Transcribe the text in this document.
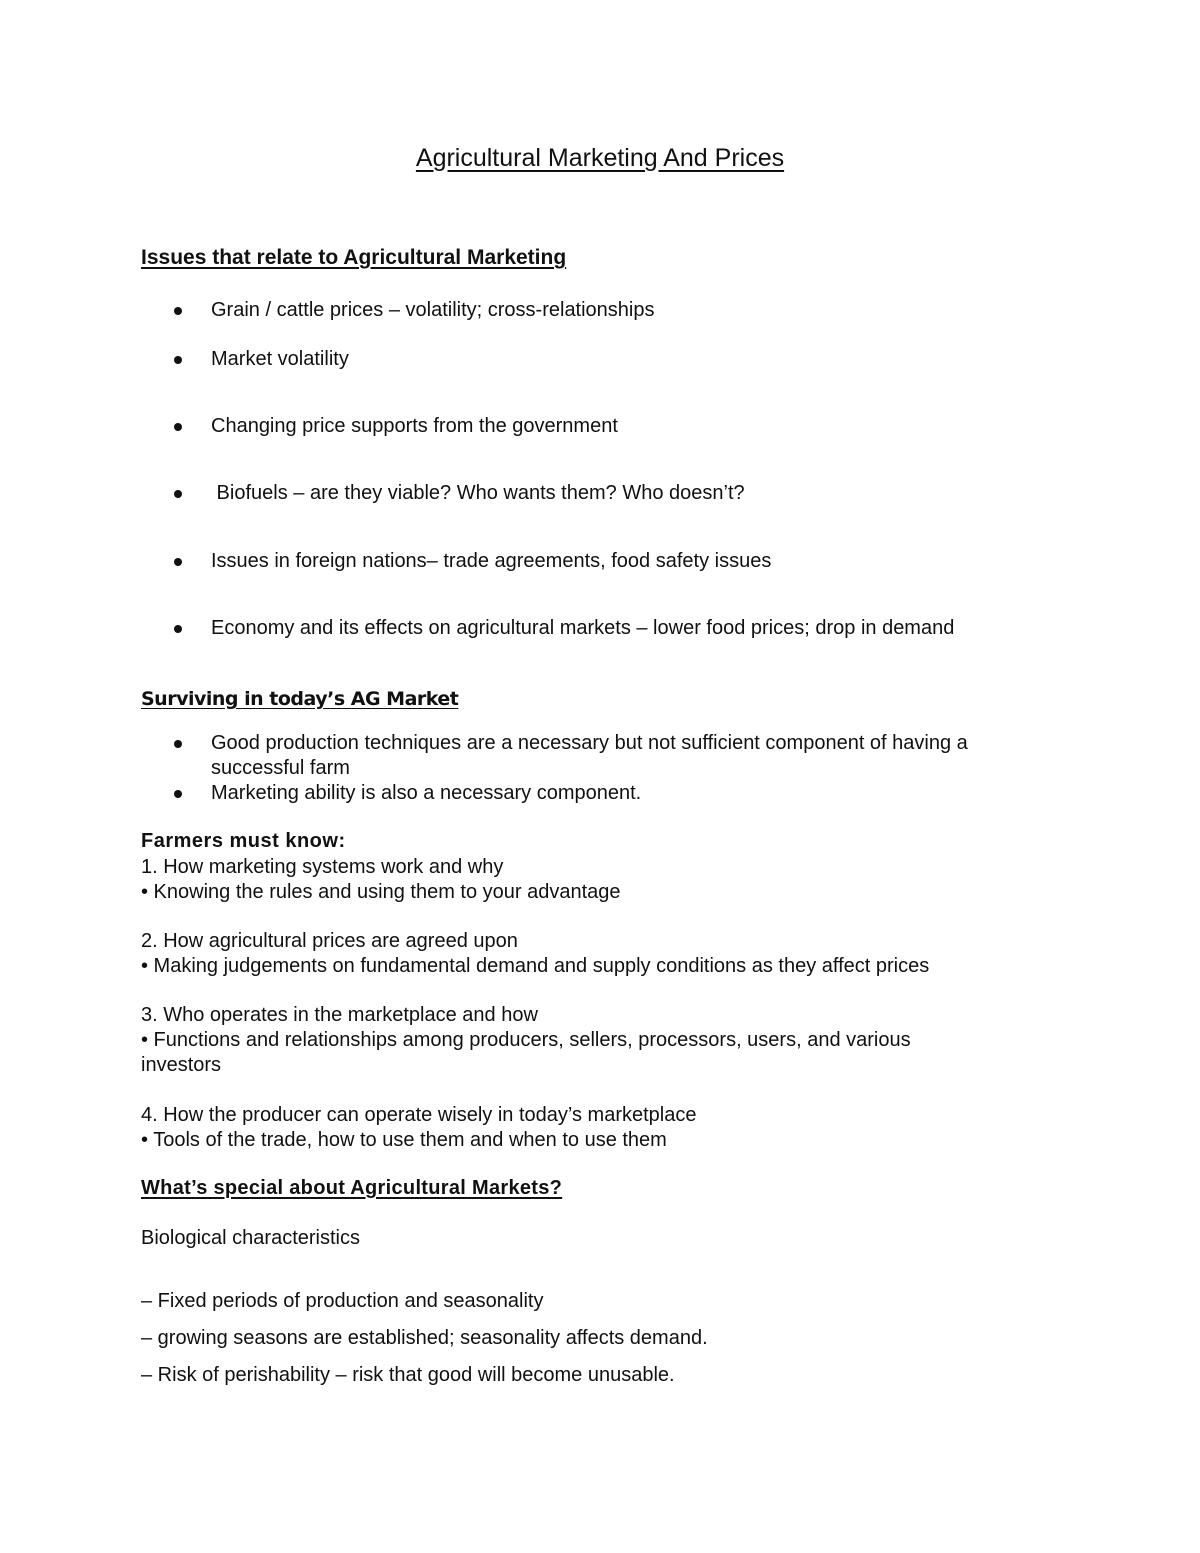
Agricultural Marketing And Prices
Issues that relate to Agricultural Marketing
Grain / cattle prices – volatility; cross-relationships
Market volatility
Changing price supports from the government
Biofuels – are they viable? Who wants them? Who doesn’t?
Issues in foreign nations– trade agreements, food safety issues
Economy and its effects on agricultural markets – lower food prices; drop in demand
Surviving in today’s AG Market
Good production techniques are a necessary but not sufficient component of having a
successful farm
Marketing ability is also a necessary component.
Farmers must know:
1. How marketing systems work and why
• Knowing the rules and using them to your advantage
2. How agricultural prices are agreed upon
• Making judgements on fundamental demand and supply conditions as they affect prices
3. Who operates in the marketplace and how
• Functions and relationships among producers, sellers, processors, users, and various
investors
4. How the producer can operate wisely in today’s marketplace
• Tools of the trade, how to use them and when to use them
What’s special about Agricultural Markets?
Biological characteristics
– Fixed periods of production and seasonality
– growing seasons are established; seasonality affects demand.
– Risk of perishability – risk that good will become unusable.
